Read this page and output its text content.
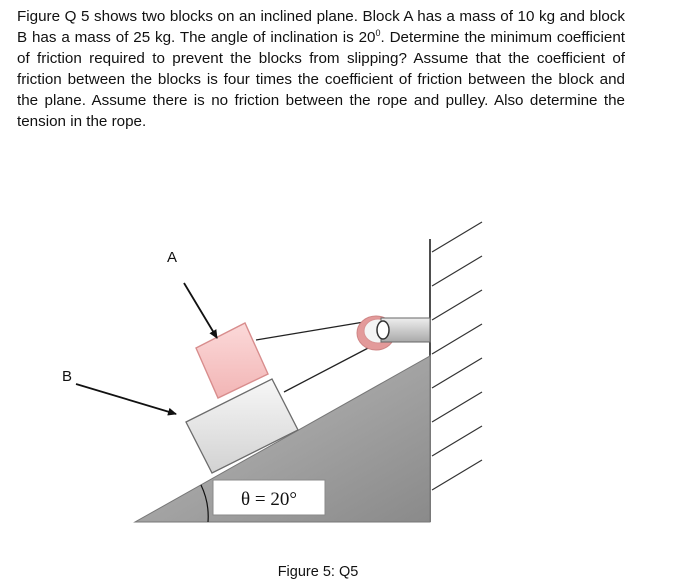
Figure Q 5 shows two blocks on an inclined plane. Block A has a mass of 10 kg and block B has a mass of 25 kg. The angle of inclination is $20^0$. Determine the minimum coefficient of friction required to prevent the blocks from slipping? Assume that the coefficient of friction between the blocks is four times the coefficient of friction between the block and the plane. Assume there is no friction between the rope and pulley. Also determine the tension in the rope.

θ = 20°
A
B
Figure 5: Q5
